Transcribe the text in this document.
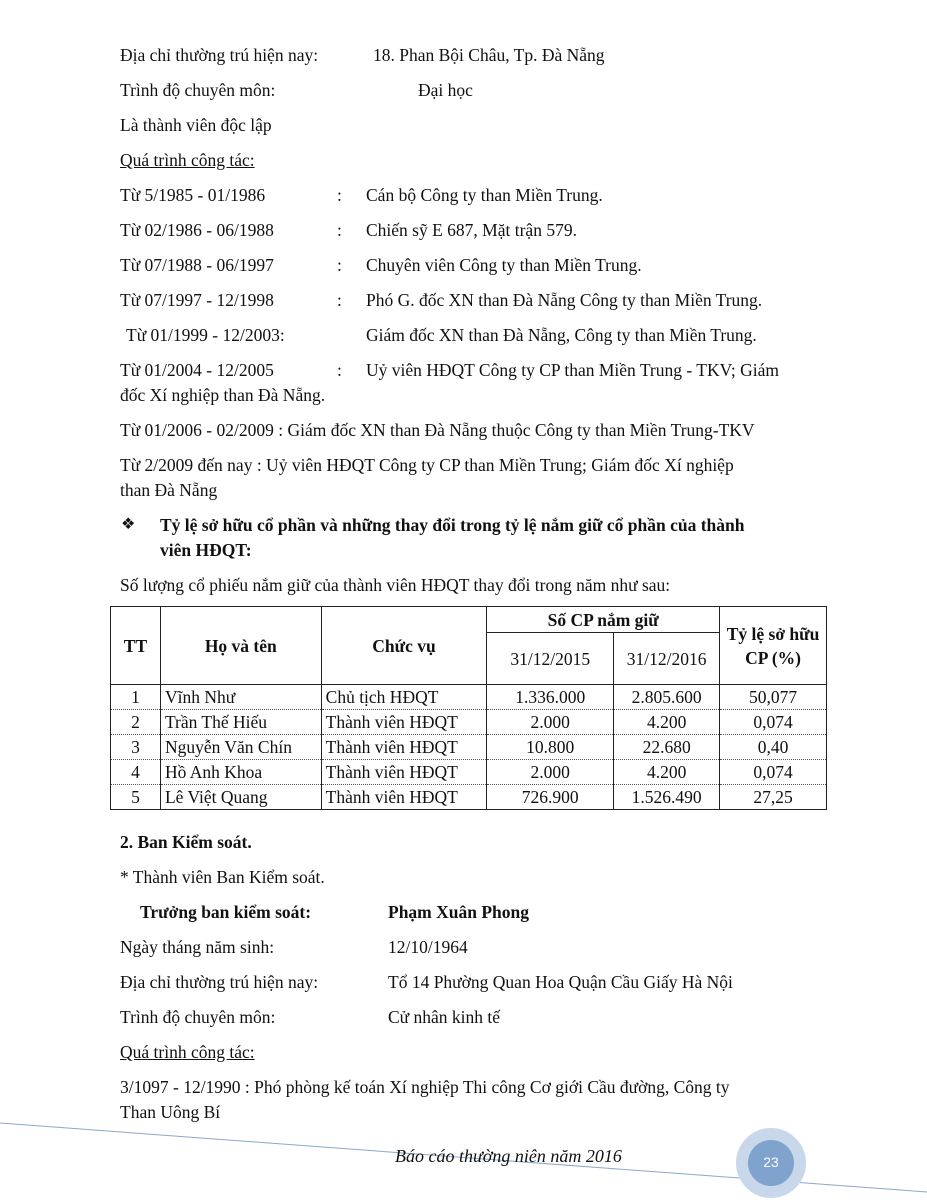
Địa chỉ thường trú hiện nay:	18. Phan Bội Châu, Tp. Đà Nẵng
Trình độ chuyên môn:	Đại học
Là thành viên độc lập
Quá trình công tác:
Từ 5/1985 - 01/1986	: Cán bộ Công ty than Miền Trung.
Từ 02/1986 - 06/1988	: Chiến sỹ E 687, Mặt trận 579.
Từ 07/1988 - 06/1997	: Chuyên viên Công ty than Miền Trung.
Từ 07/1997 - 12/1998	: Phó G. đốc XN than Đà Nẵng Công ty than Miền Trung.
Từ 01/1999 - 12/2003:	Giám đốc XN than Đà Nẵng, Công ty than Miền Trung.
Từ 01/2004 - 12/2005	: Uỷ viên HĐQT Công ty CP than Miền Trung - TKV; Giám
đốc Xí nghiệp than Đà Nẵng.
Từ 01/2006 - 02/2009 : Giám đốc XN than Đà Nẵng thuộc Công ty than Miền Trung-TKV
Từ 2/2009 đến nay : Uỷ viên HĐQT Công ty CP than Miền Trung; Giám đốc Xí nghiệp
than Đà Nẵng
❖ Tỷ lệ sở hữu cổ phần và những thay đổi trong tỷ lệ nắm giữ cổ phần của thành
viên HĐQT:
Số lượng cổ phiếu nắm giữ của thành viên HĐQT thay đổi trong năm như sau:
TT	Họ và tên	Chức vụ	Số CP nắm giữ		Tỷ lệ sở hữu CP (%)
			31/12/2015	31/12/2016	
1	Vĩnh Như	Chủ tịch HĐQT	1.336.000	2.805.600	50,077
2	Trần Thế Hiếu	Thành viên HĐQT	2.000	4.200	0,074
3	Nguyễn Văn Chín	Thành viên HĐQT	10.800	22.680	0,40
4	Hồ Anh Khoa	Thành viên HĐQT	2.000	4.200	0,074
5	Lê Việt Quang	Thành viên HĐQT	726.900	1.526.490	27,25
2. Ban Kiểm soát.
* Thành viên Ban Kiểm soát.
Trưởng ban kiểm soát:	Phạm Xuân Phong
Ngày tháng năm sinh:	12/10/1964
Địa chỉ thường trú hiện nay:	Tổ 14 Phường Quan Hoa Quận Cầu Giấy Hà Nội
Trình độ chuyên môn:	Cử nhân kinh tế
Quá trình công tác:
3/1097 - 12/1990 : Phó phòng kế toán Xí nghiệp Thi công Cơ giới Cầu đường, Công ty
Than Uông Bí
Báo cáo thường niên năm 2016	23
